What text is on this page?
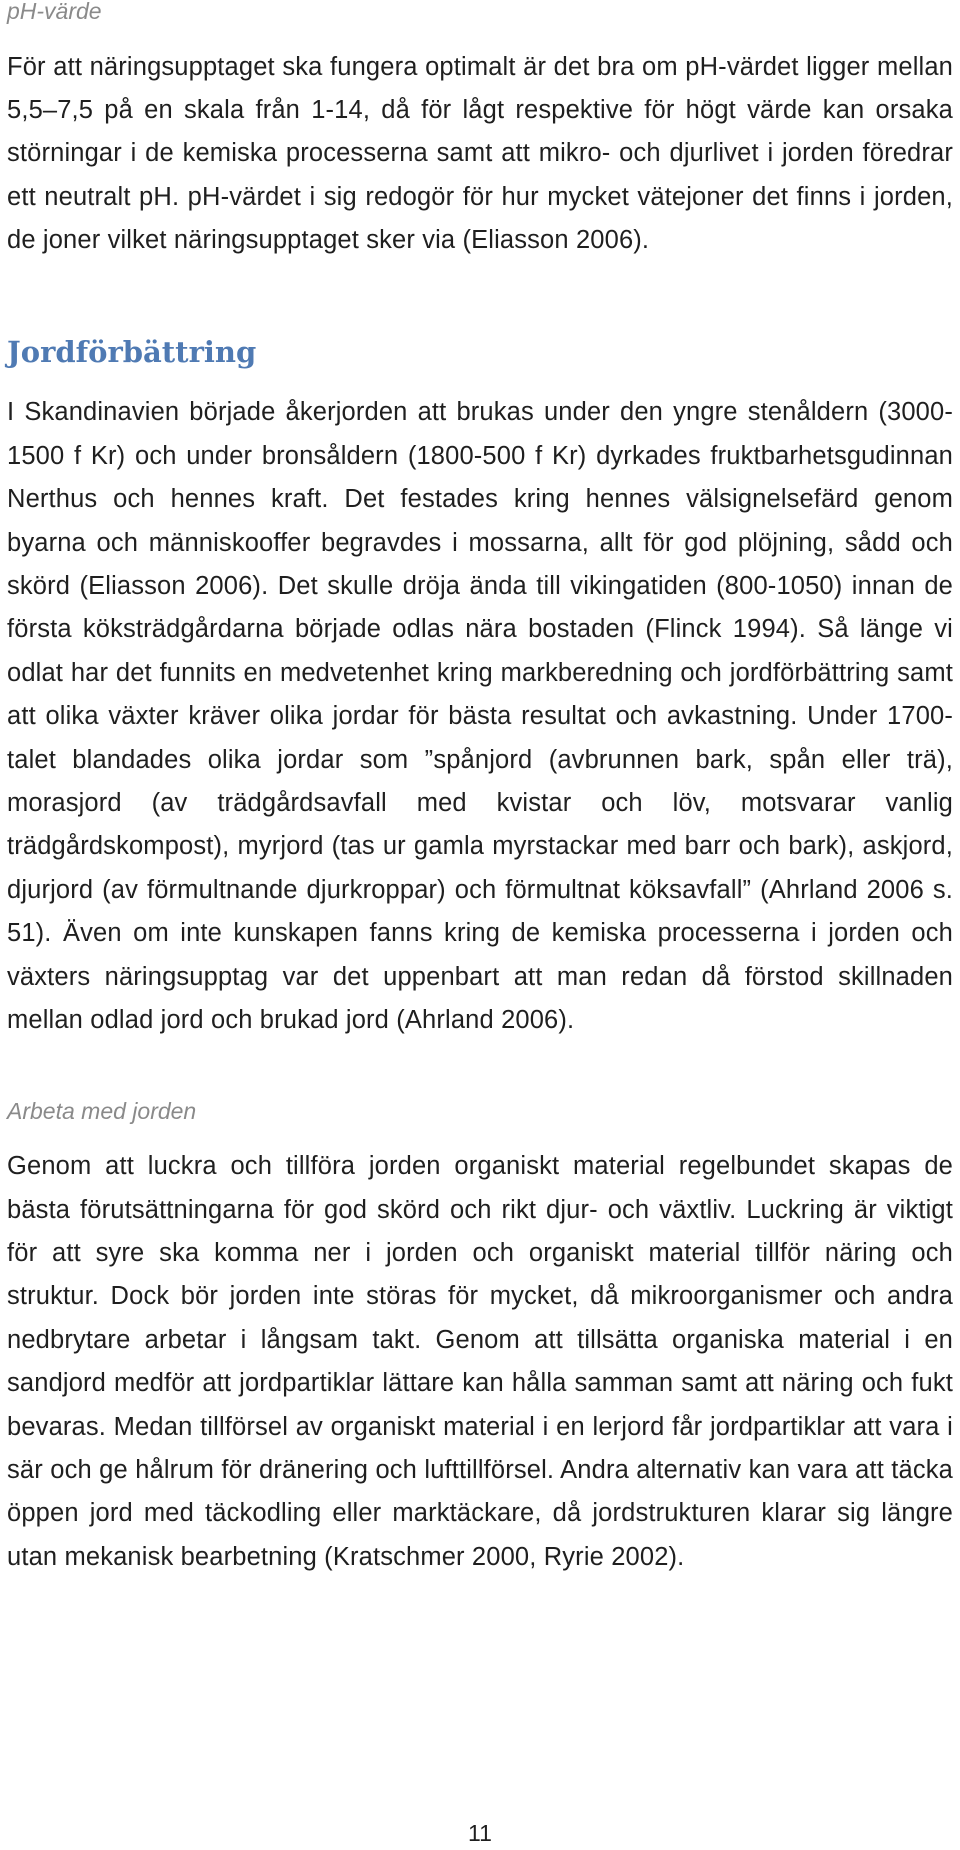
pH-värde

För att näringsupptaget ska fungera optimalt är det bra om pH-värdet ligger mellan 5,5–7,5 på en skala från 1-14, då för lågt respektive för högt värde kan orsaka störningar i de kemiska processerna samt att mikro- och djurlivet i jorden föredrar ett neutralt pH. pH-värdet i sig redogör för hur mycket vätejoner det finns i jorden, de joner vilket näringsupptaget sker via (Eliasson 2006).

Jordförbättring

I Skandinavien började åkerjorden att brukas under den yngre stenåldern (3000-1500 f Kr) och under bronsåldern (1800-500 f Kr) dyrkades fruktbarhetsgudinnan Nerthus och hennes kraft. Det festades kring hennes välsignelsefärd genom byarna och människooffer begravdes i mossarna, allt för god plöjning, sådd och skörd (Eliasson 2006). Det skulle dröja ända till vikingatiden (800-1050) innan de första köksträdgårdarna började odlas nära bostaden (Flinck 1994). Så länge vi odlat har det funnits en medvetenhet kring markberedning och jordförbättring samt att olika växter kräver olika jordar för bästa resultat och avkastning. Under 1700-talet blandades olika jordar som ”spånjord (avbrunnen bark, spån eller trä), morasjord (av trädgårdsavfall med kvistar och löv, motsvarar vanlig trädgårdskompost), myrjord (tas ur gamla myrstackar med barr och bark), askjord, djurjord (av förmultnande djurkroppar) och förmultnat köksavfall” (Ahrland 2006 s. 51). Även om inte kunskapen fanns kring de kemiska processerna i jorden och växters näringsupptag var det uppenbart att man redan då förstod skillnaden mellan odlad jord och brukad jord (Ahrland 2006).

Arbeta med jorden

Genom att luckra och tillföra jorden organiskt material regelbundet skapas de bästa förutsättningarna för god skörd och rikt djur- och växtliv. Luckring är viktigt för att syre ska komma ner i jorden och organiskt material tillför näring och struktur. Dock bör jorden inte störas för mycket, då mikroorganismer och andra nedbrytare arbetar i långsam takt. Genom att tillsätta organiska material i en sandjord medför att jordpartiklar lättare kan hålla samman samt att näring och fukt bevaras. Medan tillförsel av organiskt material i en lerjord får jordpartiklar att vara i sär och ge hålrum för dränering och lufttillförsel. Andra alternativ kan vara att täcka öppen jord med täckodling eller marktäckare, då jordstrukturen klarar sig längre utan mekanisk bearbetning (Kratschmer 2000, Ryrie 2002).

11
